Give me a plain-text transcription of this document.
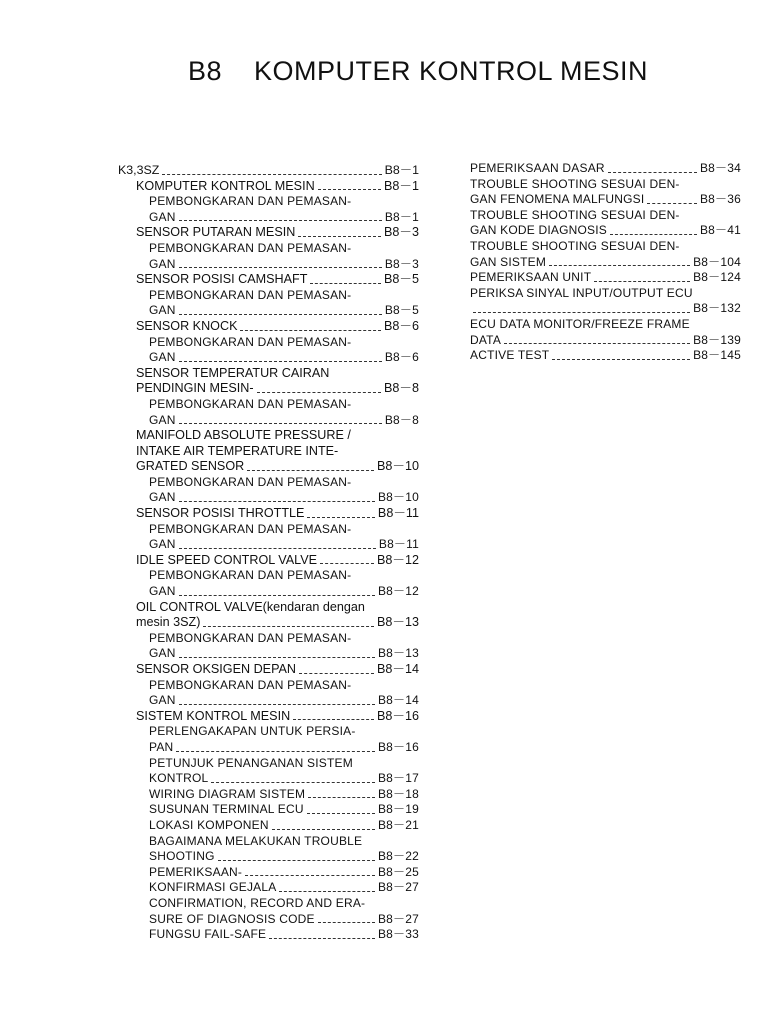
B8 KOMPUTER KONTROL MESIN
K3,3SZ	B8－1
KOMPUTER KONTROL MESIN	B8－1
PEMBONGKARAN DAN PEMASAN-
GAN	B8－1
SENSOR PUTARAN MESIN	B8－3
PEMBONGKARAN DAN PEMASAN-
GAN	B8－3
SENSOR POSISI CAMSHAFT	B8－5
PEMBONGKARAN DAN PEMASAN-
GAN	B8－5
SENSOR KNOCK	B8－6
PEMBONGKARAN DAN PEMASAN-
GAN	B8－6
SENSOR TEMPERATUR CAIRAN
PENDINGIN MESIN-	B8－8
PEMBONGKARAN DAN PEMASAN-
GAN	B8－8
MANIFOLD ABSOLUTE PRESSURE /
INTAKE AIR TEMPERATURE INTE-
GRATED SENSOR	B8－10
PEMBONGKARAN DAN PEMASAN-
GAN	B8－10
SENSOR POSISI THROTTLE	B8－11
PEMBONGKARAN DAN PEMASAN-
GAN	B8－11
IDLE SPEED CONTROL VALVE	B8－12
PEMBONGKARAN DAN PEMASAN-
GAN	B8－12
OIL CONTROL VALVE(kendaran dengan
mesin 3SZ)	B8－13
PEMBONGKARAN DAN PEMASAN-
GAN	B8－13
SENSOR OKSIGEN DEPAN	B8－14
PEMBONGKARAN DAN PEMASAN-
GAN	B8－14
SISTEM KONTROL MESIN	B8－16
PERLENGAKAPAN UNTUK PERSIA-
PAN	B8－16
PETUNJUK PENANGANAN SISTEM
KONTROL	B8－17
WIRING DIAGRAM SISTEM	B8－18
SUSUNAN TERMINAL ECU	B8－19
LOKASI KOMPONEN	B8－21
BAGAIMANA MELAKUKAN TROUBLE
SHOOTING	B8－22
PEMERIKSAAN-	B8－25
KONFIRMASI GEJALA	B8－27
CONFIRMATION, RECORD AND ERA-
SURE OF DIAGNOSIS CODE	B8－27
FUNGSU FAIL-SAFE	B8－33
PEMERIKSAAN DASAR	B8－34
TROUBLE SHOOTING SESUAI DEN-
GAN FENOMENA MALFUNGSI	B8－36
TROUBLE SHOOTING SESUAI DEN-
GAN KODE DIAGNOSIS	B8－41
TROUBLE SHOOTING SESUAI DEN-
GAN SISTEM	B8－104
PEMERIKSAAN UNIT	B8－124
PERIKSA SINYAL INPUT/OUTPUT ECU
B8－132
ECU DATA MONITOR/FREEZE FRAME
DATA	B8－139
ACTIVE TEST	B8－145
